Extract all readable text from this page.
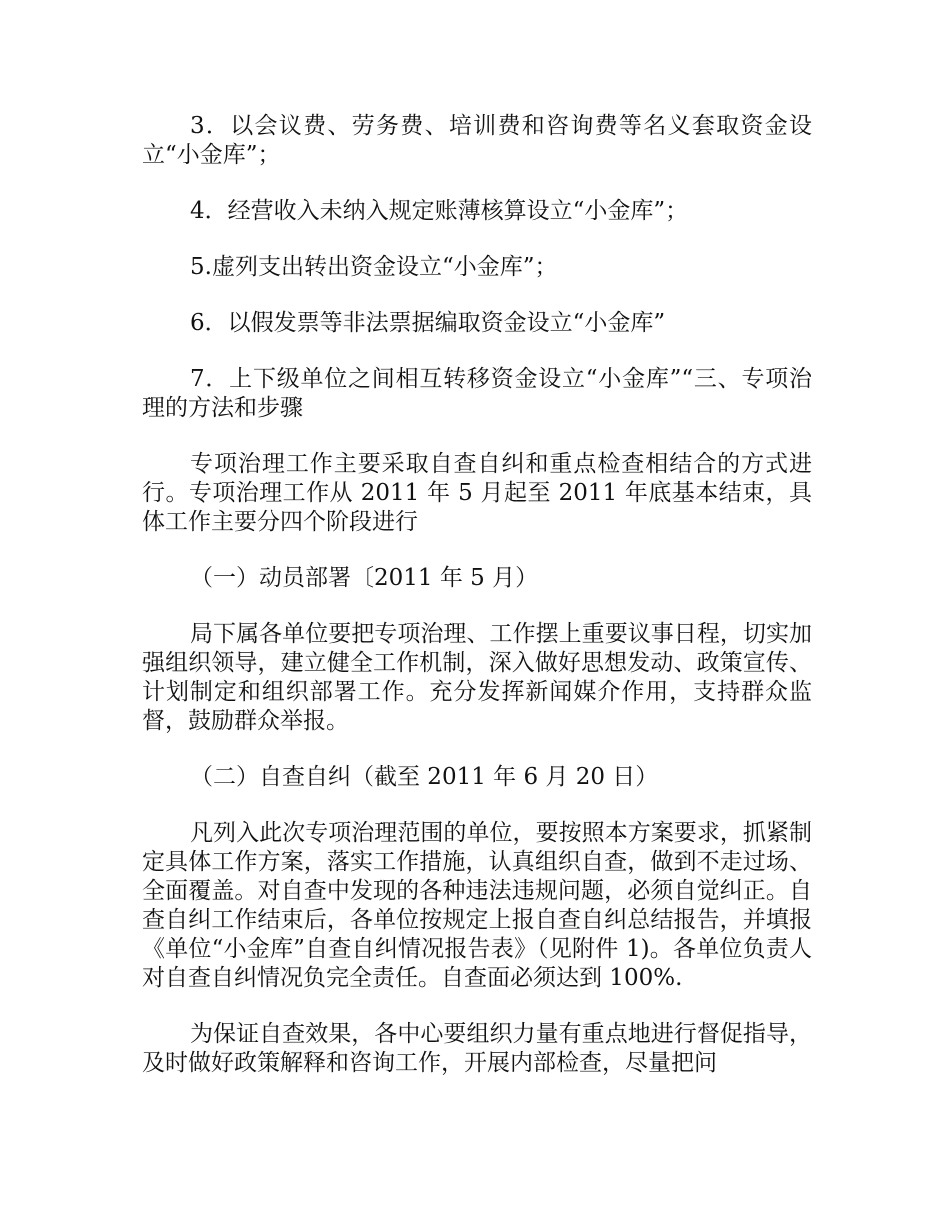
3．以会议费、劳务费、培训费和咨询费等名义套取资金设立“小金库”；

4．经营收入未纳入规定账薄核算设立“小金库”；

5.虚列支出转出资金设立“小金库”；

6．以假发票等非法票据编取资金设立“小金库”

7．上下级单位之间相互转移资金设立“小金库”“三、专项治理的方法和步骤

专项治理工作主要采取自查自纠和重点检查相结合的方式进行。专项治理工作从 2011 年 5 月起至 2011 年底基本结束，具体工作主要分四个阶段进行

（一）动员部署〔2011 年 5 月）

局下属各单位要把专项治理、工作摆上重要议事日程，切实加强组织领导，建立健全工作机制，深入做好思想发动、政策宣传、计划制定和组织部署工作。充分发挥新闻媒介作用，支持群众监督，鼓励群众举报。

（二）自查自纠（截至 2011 年 6 月 20 日）

凡列入此次专项治理范围的单位，要按照本方案要求，抓紧制定具体工作方案，落实工作措施，认真组织自查，做到不走过场、全面覆盖。对自查中发现的各种违法违规问题，必须自觉纠正。自查自纠工作结束后，各单位按规定上报自查自纠总结报告，并填报《单位“小金库”自查自纠情况报告表》（见附件 1)。各单位负责人对自查自纠情况负完全责任。自查面必须达到 100%.

为保证自查效果，各中心要组织力量有重点地进行督促指导，及时做好政策解释和咨询工作，开展内部检查，尽量把问
